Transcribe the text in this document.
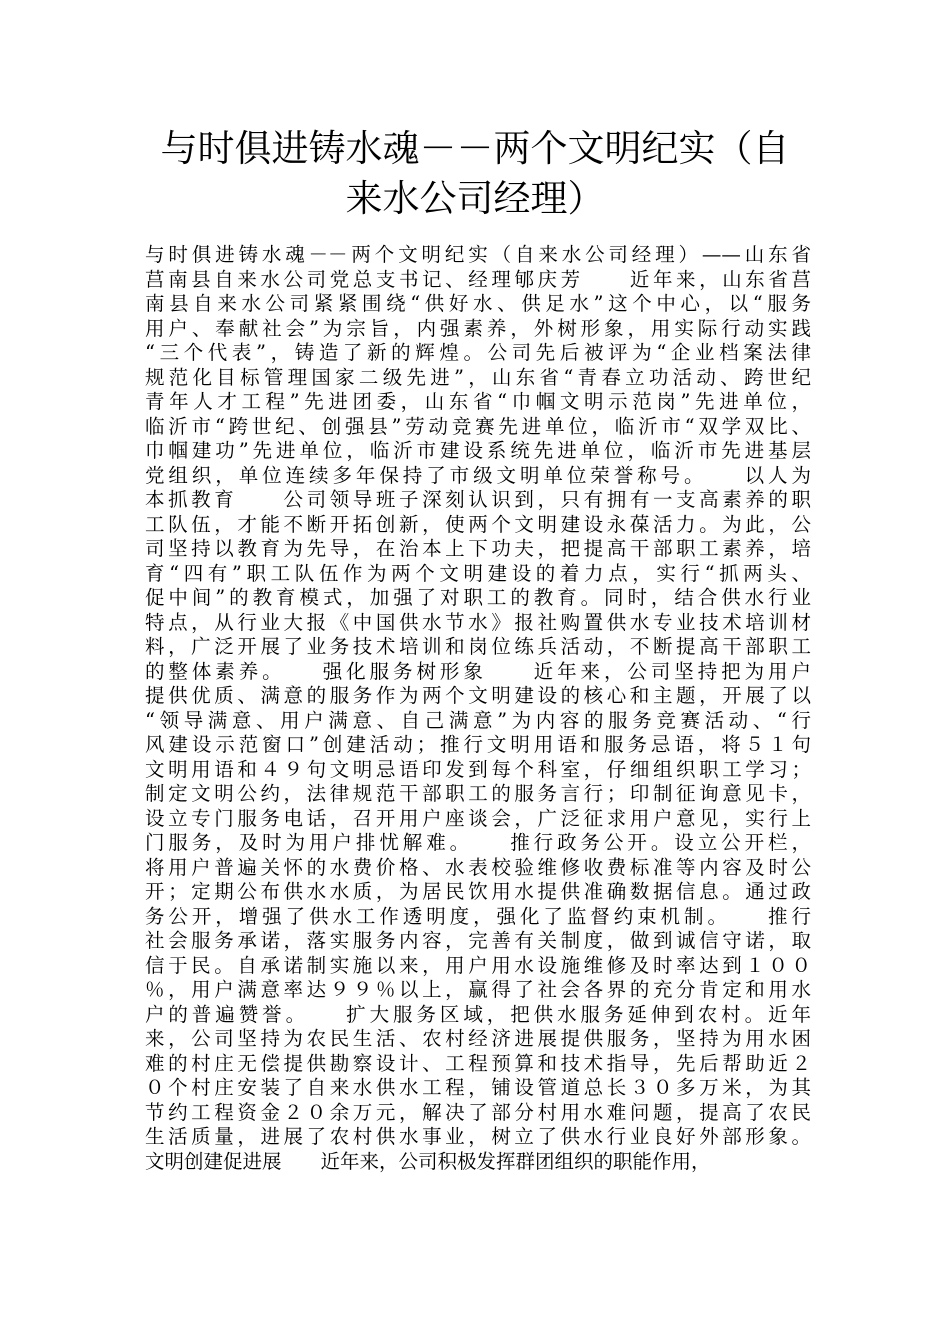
与时俱进铸水魂－－两个文明纪实（自
来水公司经理）
与时俱进铸水魂－－两个文明纪实（自来水公司经理）——山东省
莒南县自来水公司党总支书记、经理郇庆芳　　近年来，山东省莒
南县自来水公司紧紧围绕“供好水、供足水”这个中心，以“服务
用户、奉献社会”为宗旨，内强素养，外树形象，用实际行动实践
“三个代表”，铸造了新的辉煌。公司先后被评为“企业档案法律
规范化目标管理国家二级先进”，山东省“青春立功活动、跨世纪
青年人才工程”先进团委，山东省“巾帼文明示范岗”先进单位，
临沂市“跨世纪、创强县”劳动竞赛先进单位，临沂市“双学双比、
巾帼建功”先进单位，临沂市建设系统先进单位，临沂市先进基层
党组织，单位连续多年保持了市级文明单位荣誉称号。　　以人为
本抓教育　　公司领导班子深刻认识到，只有拥有一支高素养的职
工队伍，才能不断开拓创新，使两个文明建设永葆活力。为此，公
司坚持以教育为先导，在治本上下功夫，把提高干部职工素养，培
育“四有”职工队伍作为两个文明建设的着力点，实行“抓两头、
促中间”的教育模式，加强了对职工的教育。同时，结合供水行业
特点，从行业大报《中国供水节水》报社购置供水专业技术培训材
料，广泛开展了业务技术培训和岗位练兵活动，不断提高干部职工
的整体素养。　　强化服务树形象　　近年来，公司坚持把为用户
提供优质、满意的服务作为两个文明建设的核心和主题，开展了以
“领导满意、用户满意、自己满意”为内容的服务竞赛活动、“行
风建设示范窗口”创建活动；推行文明用语和服务忌语，将５１句
文明用语和４９句文明忌语印发到每个科室，仔细组织职工学习；
制定文明公约，法律规范干部职工的服务言行；印制征询意见卡，
设立专门服务电话，召开用户座谈会，广泛征求用户意见，实行上
门服务，及时为用户排忧解难。　　推行政务公开。设立公开栏，
将用户普遍关怀的水费价格、水表校验维修收费标准等内容及时公
开；定期公布供水水质，为居民饮用水提供准确数据信息。通过政
务公开，增强了供水工作透明度，强化了监督约束机制。　　推行
社会服务承诺，落实服务内容，完善有关制度，做到诚信守诺，取
信于民。自承诺制实施以来，用户用水设施维修及时率达到１００
％，用户满意率达９９％以上，赢得了社会各界的充分肯定和用水
户的普遍赞誉。　　扩大服务区域，把供水服务延伸到农村。近年
来，公司坚持为农民生活、农村经济进展提供服务，坚持为用水困
难的村庄无偿提供勘察设计、工程预算和技术指导，先后帮助近２
０个村庄安装了自来水供水工程，铺设管道总长３０多万米，为其
节约工程资金２０余万元，解决了部分村用水难问题，提高了农民
生活质量，进展了农村供水事业，树立了供水行业良好外部形象。
文明创建促进展　　近年来，公司积极发挥群团组织的职能作用，
